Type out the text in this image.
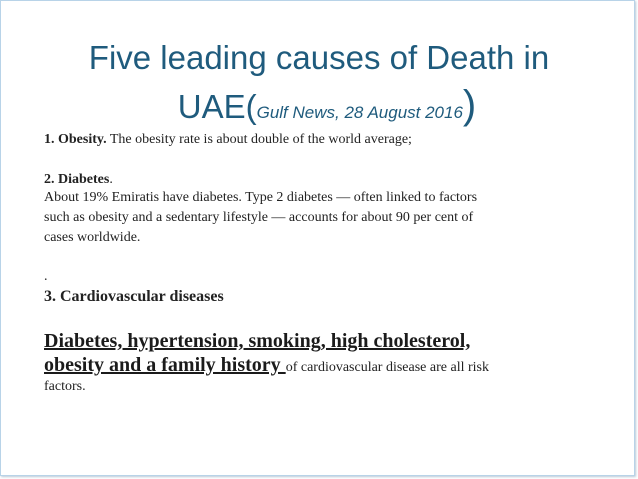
Five leading causes of Death in
UAE(Gulf News, 28 August 2016)
1. Obesity. The obesity rate is about double of the world average;
2. Diabetes.
About 19% Emiratis have diabetes. Type 2 diabetes — often linked to factors
such as obesity and a sedentary lifestyle — accounts for about 90 per cent of
cases worldwide.
.
3. Cardiovascular diseases
Diabetes, hypertension, smoking, high cholesterol,
obesity and a family history of cardiovascular disease are all risk
factors.
